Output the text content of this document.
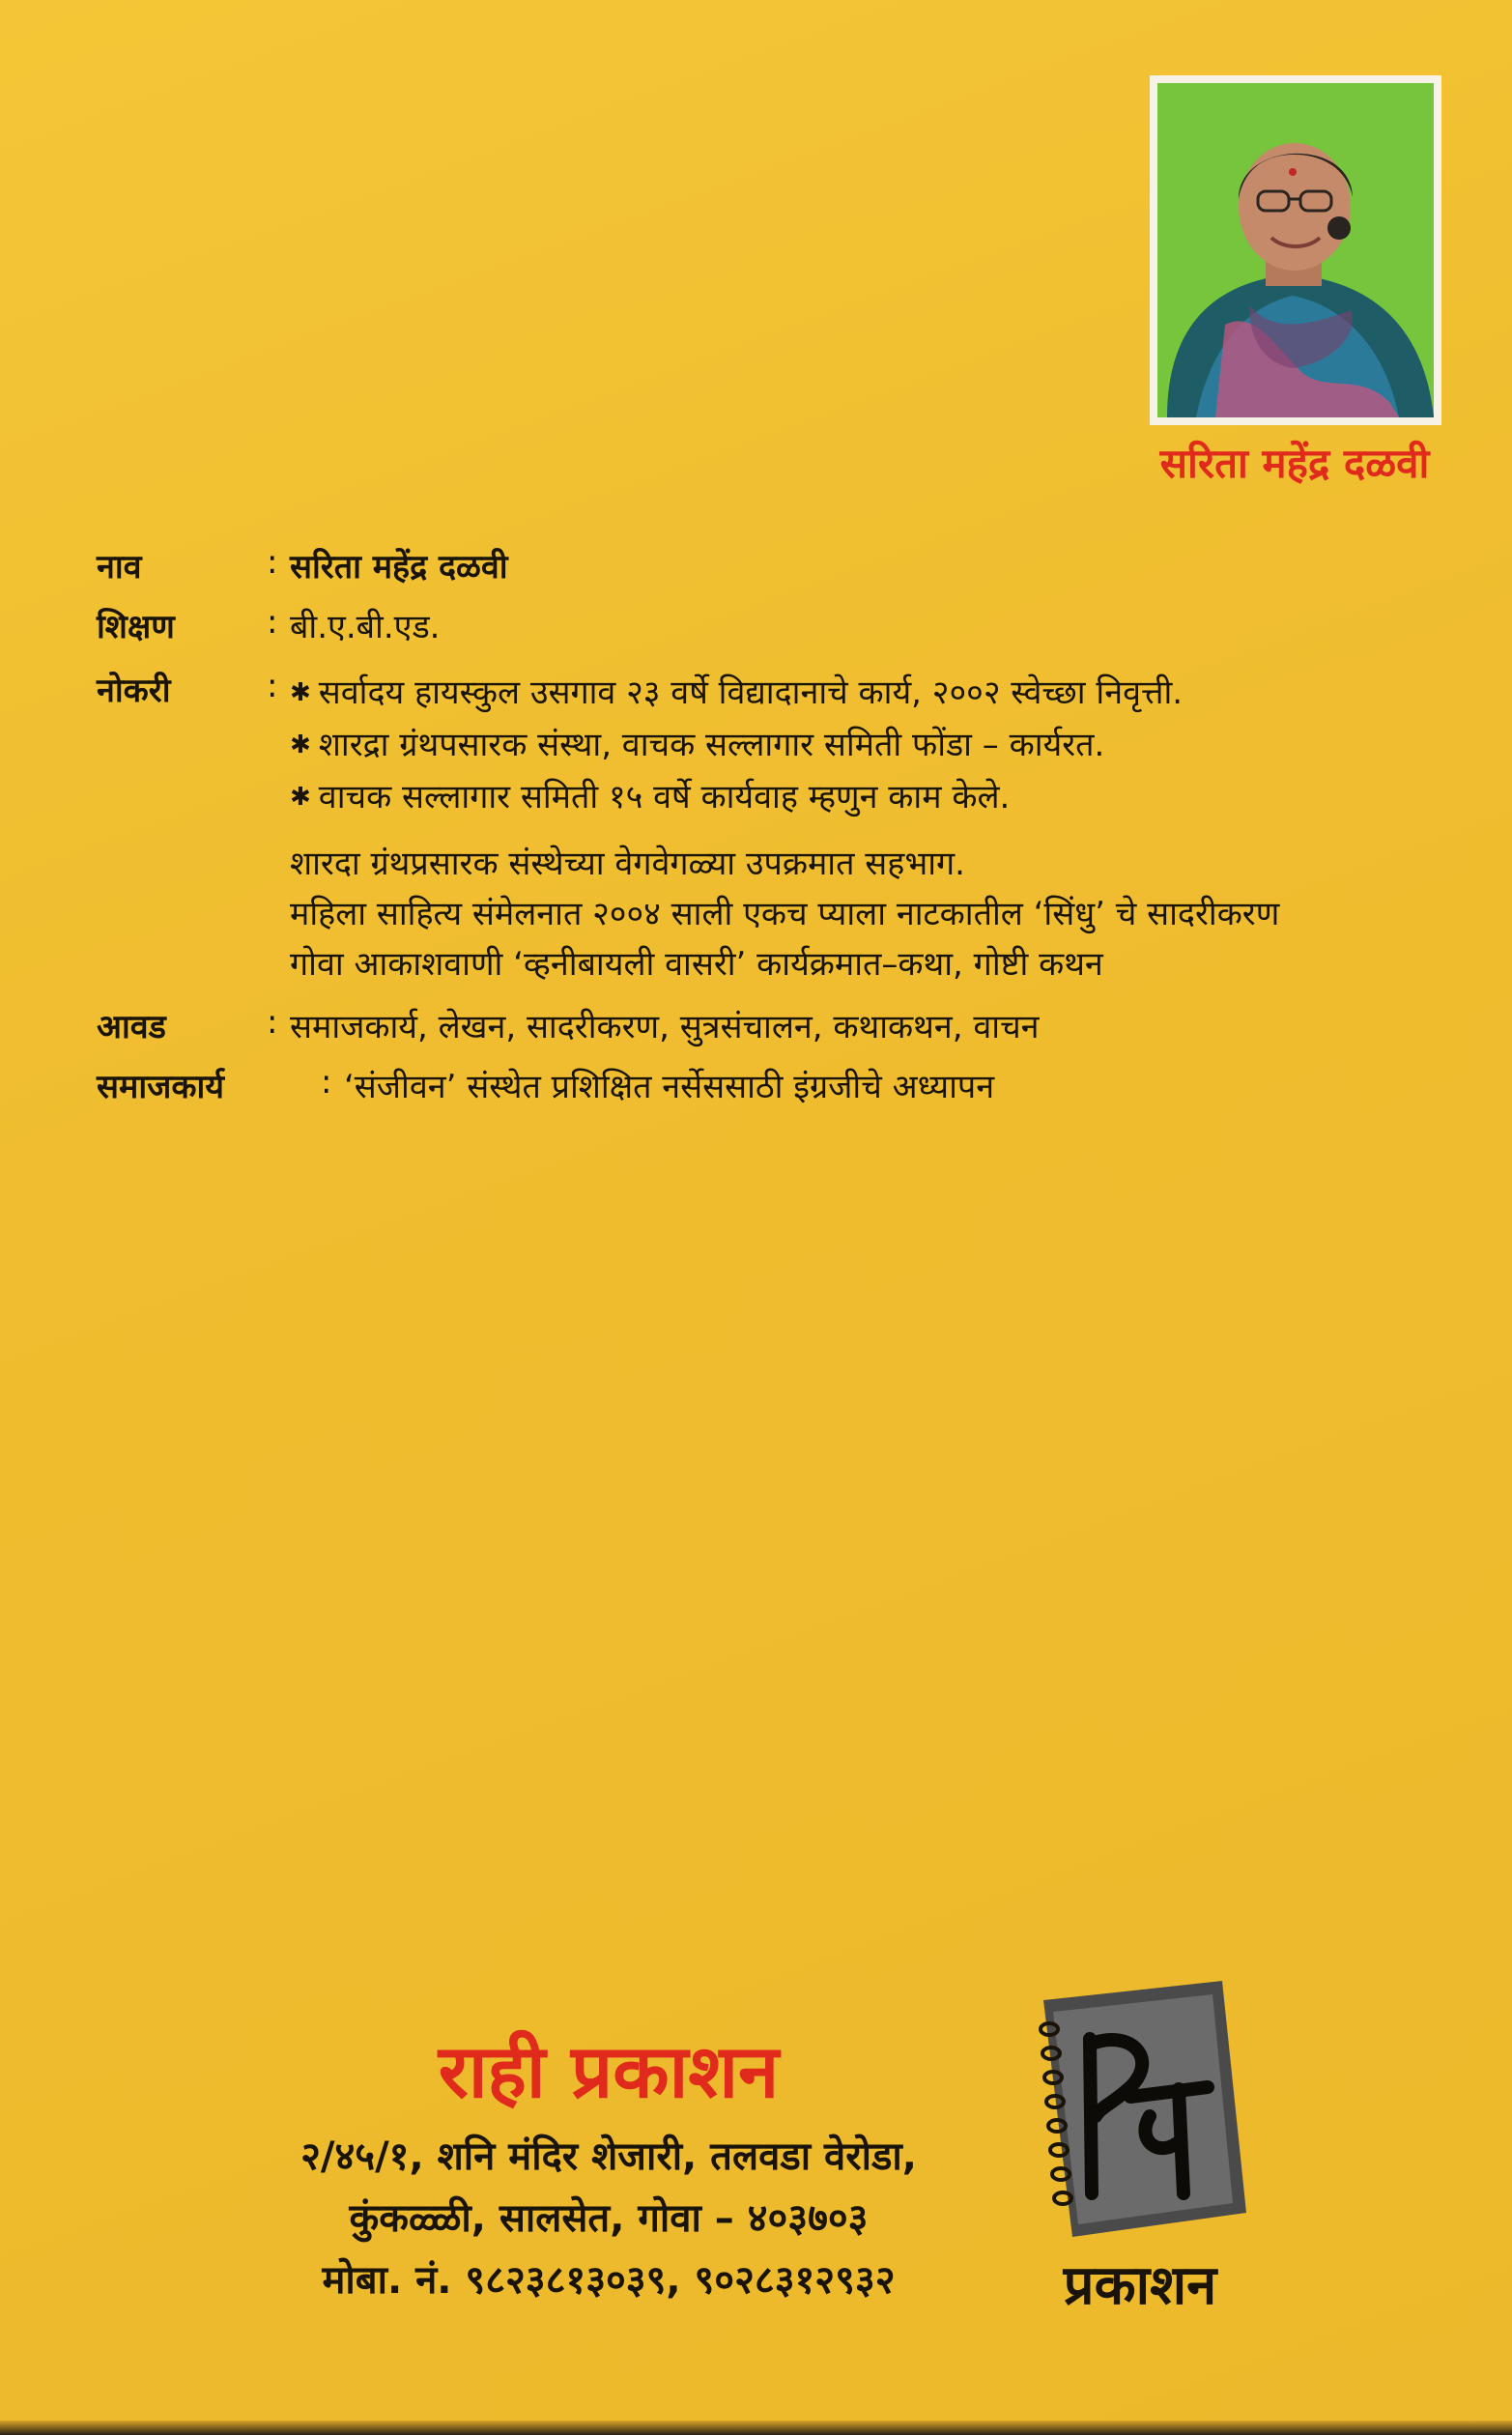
सरिता महेंद्र दळवी
नाव	: सरिता महेंद्र दळवी
शिक्षण	: बी.ए.बी.एड.
नोकरी	: ✱ सर्वादय हायस्कुल उसगाव २३ वर्षे विद्यादानाचे कार्य, २००२ स्वेच्छा निवृत्ती.
✱ शारद्रा ग्रंथपसारक संस्था, वाचक सल्लागार समिती फोंडा – कार्यरत.
✱ वाचक सल्लागार समिती १५ वर्षे कार्यवाह म्हणुन काम केले.
शारदा ग्रंथप्रसारक संस्थेच्या वेगवेगळ्या उपक्रमात सहभाग.
महिला साहित्य संमेलनात २००४ साली एकच प्याला नाटकातील ‘सिंधु’ चे सादरीकरण
गोवा आकाशवाणी ‘व्हनीबायली वासरी’ कार्यक्रमात–कथा, गोष्टी कथन
आवड	: समाजकार्य, लेखन, सादरीकरण, सुत्रसंचालन, कथाकथन, वाचन
समाजकार्य	: ‘संजीवन’ संस्थेत प्रशिक्षित नर्सेससाठी इंग्रजीचे अध्यापन
राही प्रकाशन
२/४५/१, शनि मंदिर शेजारी, तलवडा वेरोडा,
कुंकळ्ळी, सालसेत, गोवा – ४०३७०३
मोबा. नं. ९८२३८१३०३९, ९०२८३१२९३२	प्रकाशन
